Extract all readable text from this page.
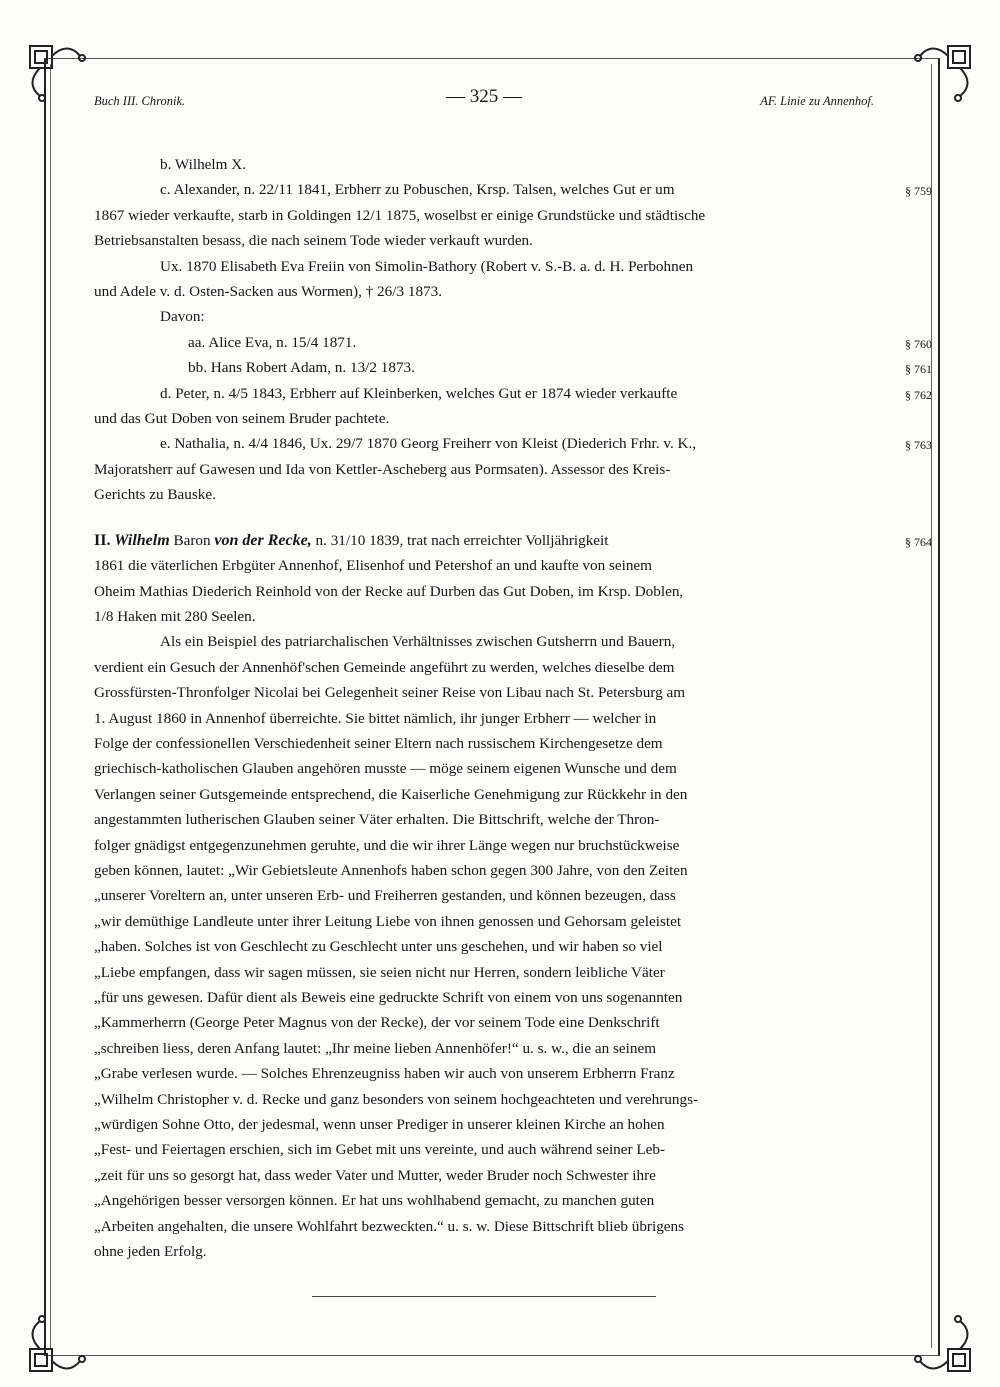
Buch III. Chronik.	— 325 —	AF. Linie zu Annenhof.

b. Wilhelm X.

c. Alexander, n. 22/11 1841, Erbherr zu Pobuschen, Krsp. Talsen, welches Gut er um	§ 759

1867 wieder verkaufte, starb in Goldingen 12/1 1875, woselbst er einige Grundstücke und städtische

Betriebsanstalten besass, die nach seinem Tode wieder verkauft wurden.

Ux. 1870 Elisabeth Eva Freiin von Simolin-Bathory (Robert v. S.-B. a. d. H. Perbohnen

und Adele v. d. Osten-Sacken aus Wormen), † 26/3 1873.

Davon:

aa. Alice Eva, n. 15/4 1871.	§ 760

bb. Hans Robert Adam, n. 13/2 1873.	§ 761

d. Peter, n. 4/5 1843, Erbherr auf Kleinberken, welches Gut er 1874 wieder verkaufte	§ 762

und das Gut Doben von seinem Bruder pachtete.

e. Nathalia, n. 4/4 1846, Ux. 29/7 1870 Georg Freiherr von Kleist (Diederich Frhr. v. K.,	§ 763

Majoratsherr auf Gawesen und Ida von Kettler-Ascheberg aus Pormsaten). Assessor des Kreis-

Gerichts zu Bauske.

II. Wilhelm Baron von der Recke, n. 31/10 1839, trat nach erreichter Volljährigkeit	§ 764

1861 die väterlichen Erbgüter Annenhof, Elisenhof und Petershof an und kaufte von seinem

Oheim Mathias Diederich Reinhold von der Recke auf Durben das Gut Doben, im Krsp. Doblen,

1/8 Haken mit 280 Seelen.

Als ein Beispiel des patriarchalischen Verhältnisses zwischen Gutsherrn und Bauern,

verdient ein Gesuch der Annenhöf'schen Gemeinde angeführt zu werden, welches dieselbe dem

Grossfürsten-Thronfolger Nicolai bei Gelegenheit seiner Reise von Libau nach St. Petersburg am

1. August 1860 in Annenhof überreichte. Sie bittet nämlich, ihr junger Erbherr — welcher in

Folge der confessionellen Verschiedenheit seiner Eltern nach russischem Kirchengesetze dem

griechisch-katholischen Glauben angehören musste — möge seinem eigenen Wunsche und dem

Verlangen seiner Gutsgemeinde entsprechend, die Kaiserliche Genehmigung zur Rückkehr in den

angestammten lutherischen Glauben seiner Väter erhalten. Die Bittschrift, welche der Thron-

folger gnädigst entgegenzunehmen geruhte, und die wir ihrer Länge wegen nur bruchstückweise

geben können, lautet: „Wir Gebietsleute Annenhofs haben schon gegen 300 Jahre, von den Zeiten

„unserer Voreltern an, unter unseren Erb- und Freiherren gestanden, und können bezeugen, dass

„wir demüthige Landleute unter ihrer Leitung Liebe von ihnen genossen und Gehorsam geleistet

„haben. Solches ist von Geschlecht zu Geschlecht unter uns geschehen, und wir haben so viel

„Liebe empfangen, dass wir sagen müssen, sie seien nicht nur Herren, sondern leibliche Väter

„für uns gewesen. Dafür dient als Beweis eine gedruckte Schrift von einem von uns sogenannten

„Kammerherrn (George Peter Magnus von der Recke), der vor seinem Tode eine Denkschrift

„schreiben liess, deren Anfang lautet: „Ihr meine lieben Annenhöfer!“ u. s. w., die an seinem

„Grabe verlesen wurde. — Solches Ehrenzeugniss haben wir auch von unserem Erbherrn Franz

„Wilhelm Christopher v. d. Recke und ganz besonders von seinem hochgeachteten und verehrungs-

„würdigen Sohne Otto, der jedesmal, wenn unser Prediger in unserer kleinen Kirche an hohen

„Fest- und Feiertagen erschien, sich im Gebet mit uns vereinte, und auch während seiner Leb-

„zeit für uns so gesorgt hat, dass weder Vater und Mutter, weder Bruder noch Schwester ihre

„Angehörigen besser versorgen können. Er hat uns wohlhabend gemacht, zu manchen guten

„Arbeiten angehalten, die unsere Wohlfahrt bezweckten.“ u. s. w. Diese Bittschrift blieb übrigens

ohne jeden Erfolg.
